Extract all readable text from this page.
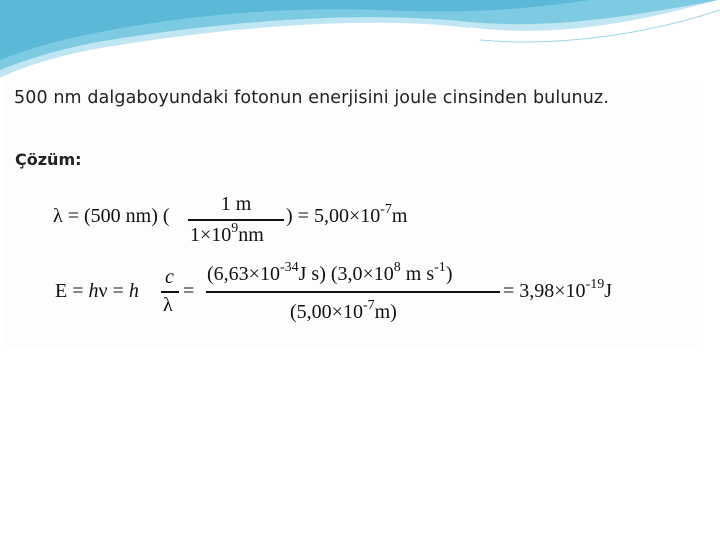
500 nm dalgaboyundaki fotonun enerjisini joule cinsinden bulunuz.
Çözüm:
λ = (500 nm) (
1 m
$1\times 10^9nm$
) = $5,00\times 10^{-7}m$
E = hν = h
c
λ
=
($6,63\times 10^{-34}J$ s) ($3,0\times 10^8$ m $s^{-1}$)
$(5,00\times 10^{-7}m)$
= $3,98\times 10^{-19}J$
